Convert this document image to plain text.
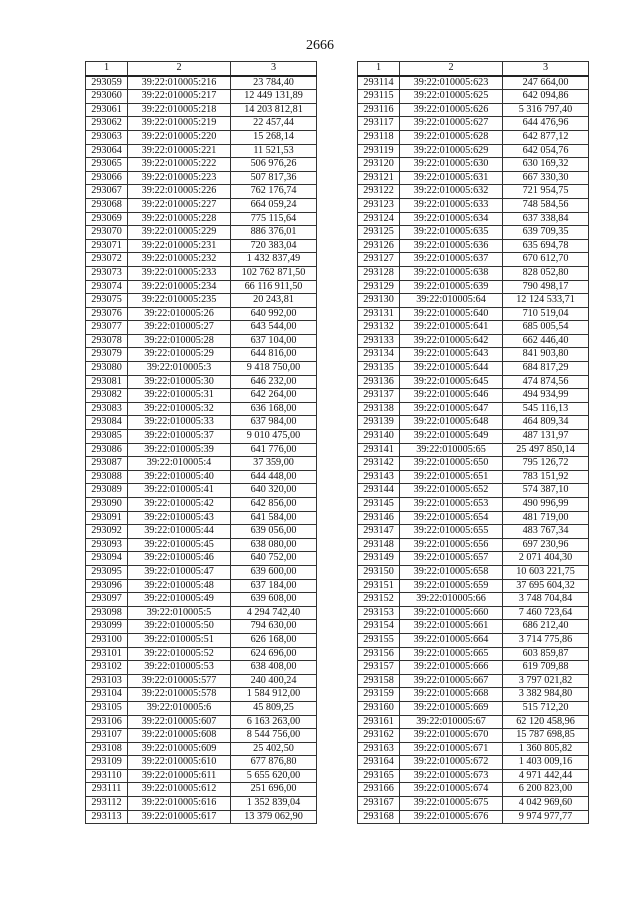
2666
1	2	3
293059	39:22:010005:216	23 784,40
293060	39:22:010005:217	12 449 131,89
293061	39:22:010005:218	14 203 812,81
293062	39:22:010005:219	22 457,44
293063	39:22:010005:220	15 268,14
293064	39:22:010005:221	11 521,53
293065	39:22:010005:222	506 976,26
293066	39:22:010005:223	507 817,36
293067	39:22:010005:226	762 176,74
293068	39:22:010005:227	664 059,24
293069	39:22:010005:228	775 115,64
293070	39:22:010005:229	886 376,01
293071	39:22:010005:231	720 383,04
293072	39:22:010005:232	1 432 837,49
293073	39:22:010005:233	102 762 871,50
293074	39:22:010005:234	66 116 911,50
293075	39:22:010005:235	20 243,81
293076	39:22:010005:26	640 992,00
293077	39:22:010005:27	643 544,00
293078	39:22:010005:28	637 104,00
293079	39:22:010005:29	644 816,00
293080	39:22:010005:3	9 418 750,00
293081	39:22:010005:30	646 232,00
293082	39:22:010005:31	642 264,00
293083	39:22:010005:32	636 168,00
293084	39:22:010005:33	637 984,00
293085	39:22:010005:37	9 010 475,00
293086	39:22:010005:39	641 776,00
293087	39:22:010005:4	37 359,00
293088	39:22:010005:40	644 448,00
293089	39:22:010005:41	640 320,00
293090	39:22:010005:42	642 856,00
293091	39:22:010005:43	641 584,00
293092	39:22:010005:44	639 056,00
293093	39:22:010005:45	638 080,00
293094	39:22:010005:46	640 752,00
293095	39:22:010005:47	639 600,00
293096	39:22:010005:48	637 184,00
293097	39:22:010005:49	639 608,00
293098	39:22:010005:5	4 294 742,40
293099	39:22:010005:50	794 630,00
293100	39:22:010005:51	626 168,00
293101	39:22:010005:52	624 696,00
293102	39:22:010005:53	638 408,00
293103	39:22:010005:577	240 400,24
293104	39:22:010005:578	1 584 912,00
293105	39:22:010005:6	45 809,25
293106	39:22:010005:607	6 163 263,00
293107	39:22:010005:608	8 544 756,00
293108	39:22:010005:609	25 402,50
293109	39:22:010005:610	677 876,80
293110	39:22:010005:611	5 655 620,00
293111	39:22:010005:612	251 696,00
293112	39:22:010005:616	1 352 839,04
293113	39:22:010005:617	13 379 062,90
1	2	3
293114	39:22:010005:623	247 664,00
293115	39:22:010005:625	642 094,86
293116	39:22:010005:626	5 316 797,40
293117	39:22:010005:627	644 476,96
293118	39:22:010005:628	642 877,12
293119	39:22:010005:629	642 054,76
293120	39:22:010005:630	630 169,32
293121	39:22:010005:631	667 330,30
293122	39:22:010005:632	721 954,75
293123	39:22:010005:633	748 584,56
293124	39:22:010005:634	637 338,84
293125	39:22:010005:635	639 709,35
293126	39:22:010005:636	635 694,78
293127	39:22:010005:637	670 612,70
293128	39:22:010005:638	828 052,80
293129	39:22:010005:639	790 498,17
293130	39:22:010005:64	12 124 533,71
293131	39:22:010005:640	710 519,04
293132	39:22:010005:641	685 005,54
293133	39:22:010005:642	662 446,40
293134	39:22:010005:643	841 903,80
293135	39:22:010005:644	684 817,29
293136	39:22:010005:645	474 874,56
293137	39:22:010005:646	494 934,99
293138	39:22:010005:647	545 116,13
293139	39:22:010005:648	464 809,34
293140	39:22:010005:649	487 131,97
293141	39:22:010005:65	25 497 850,14
293142	39:22:010005:650	795 126,72
293143	39:22:010005:651	783 151,92
293144	39:22:010005:652	574 387,10
293145	39:22:010005:653	490 996,99
293146	39:22:010005:654	481 719,00
293147	39:22:010005:655	483 767,34
293148	39:22:010005:656	697 230,96
293149	39:22:010005:657	2 071 404,30
293150	39:22:010005:658	10 603 221,75
293151	39:22:010005:659	37 695 604,32
293152	39:22:010005:66	3 748 704,84
293153	39:22:010005:660	7 460 723,64
293154	39:22:010005:661	686 212,40
293155	39:22:010005:664	3 714 775,86
293156	39:22:010005:665	603 859,87
293157	39:22:010005:666	619 709,88
293158	39:22:010005:667	3 797 021,82
293159	39:22:010005:668	3 382 984,80
293160	39:22:010005:669	515 712,20
293161	39:22:010005:67	62 120 458,96
293162	39:22:010005:670	15 787 698,85
293163	39:22:010005:671	1 360 805,82
293164	39:22:010005:672	1 403 009,16
293165	39:22:010005:673	4 971 442,44
293166	39:22:010005:674	6 200 823,00
293167	39:22:010005:675	4 042 969,60
293168	39:22:010005:676	9 974 977,77
